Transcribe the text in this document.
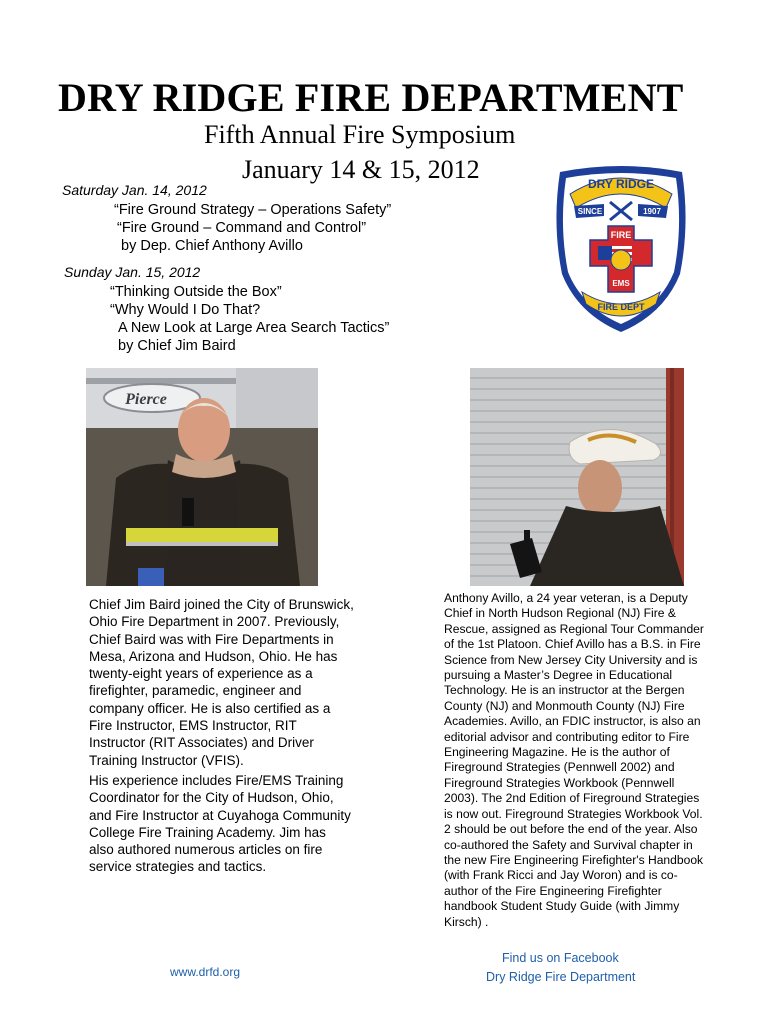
DRY RIDGE FIRE DEPARTMENT
Fifth Annual Fire Symposium
January 14 & 15, 2012
Saturday Jan. 14, 2012
“Fire Ground Strategy – Operations Safety”
“Fire Ground – Command and Control”
by Dep. Chief Anthony Avillo
Sunday Jan. 15, 2012
“Thinking Outside the Box”
“Why Would I Do That?
A New Look at Large Area Search Tactics”
by Chief Jim Baird
DRY RIDGE
SINCE	1907
FIRE
EMS
FIRE DEPT
Pierce
Chief Jim Baird joined the City of Brunswick,
Ohio Fire Department in 2007. Previously,
Chief Baird was with Fire Departments in
Mesa, Arizona and Hudson, Ohio. He has
twenty-eight years of experience as a
firefighter, paramedic, engineer and
company officer. He is also certified as a
Fire Instructor, EMS Instructor, RIT
Instructor (RIT Associates) and Driver
Training Instructor (VFIS).
His experience includes Fire/EMS Training
Coordinator for the City of Hudson, Ohio,
and Fire Instructor at Cuyahoga Community
College Fire Training Academy. Jim has
also authored numerous articles on fire
service strategies and tactics.
Anthony Avillo, a 24 year veteran, is a Deputy
Chief in North Hudson Regional (NJ) Fire &
Rescue, assigned as Regional Tour Commander
of the 1st Platoon. Chief Avillo has a B.S. in Fire
Science from New Jersey City University and is
pursuing a Master’s Degree in Educational
Technology. He is an instructor at the Bergen
County (NJ) and Monmouth County (NJ) Fire
Academies. Avillo, an FDIC instructor, is also an
editorial advisor and contributing editor to Fire
Engineering Magazine. He is the author of
Fireground Strategies (Pennwell 2002) and
Fireground Strategies Workbook (Pennwell
2003). The 2nd Edition of Fireground Strategies
is now out. Fireground Strategies Workbook Vol.
2 should be out before the end of the year. Also
co-authored the Safety and Survival chapter in
the new Fire Engineering Firefighter's Handbook
(with Frank Ricci and Jay Woron) and is co-
author of the Fire Engineering Firefighter
handbook Student Study Guide (with Jimmy
Kirsch) .
www.drfd.org
Find us on Facebook
Dry Ridge Fire Department
